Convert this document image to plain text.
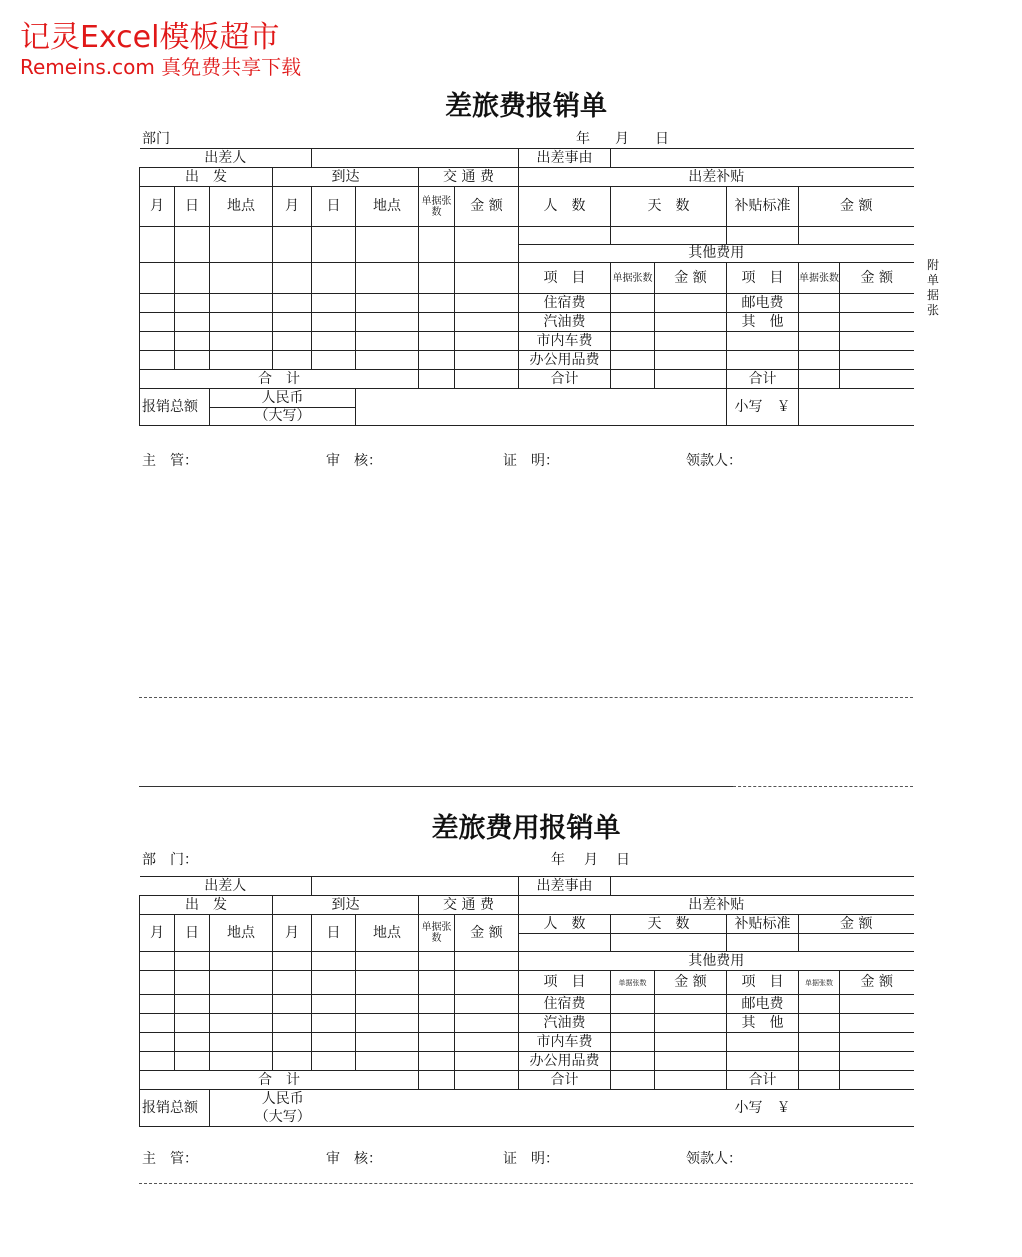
记灵Excel模板超市
Remeins.com 真免费共享下载
差旅费报销单
部门	年 月 日
出差人								出差事由					
出　发			到达			交 通 费		出差补贴					
月	日	地点	月	日	地点	单据张数	金 额	人　数	天　数		补贴标准	金 额	

								其他费用					
								项　目	单据张数	金 额	项　目	单据张数	金 额
								住宿费			邮电费		
								汽油费			其　他		
								市内车费					
								办公用品费					
合　计								合计			合计		
报销总额		人民币									小写　￥		
		（大写）											
附单据张
主　管：	审　核：	证　明：	领款人：
差旅费用报销单
部　门：	年 月 日
出差人								出差事由					
出　发			到达			交 通 费		出差补贴					
月	日	地点	月	日	地点	单据张数	金 额	人　数	天　数		补贴标准	金 额	

								其他费用					
								项　目	单据张数	金 额	项　目	单据张数	金 额
								住宿费			邮电费		
								汽油费			其　他		
								市内车费					
								办公用品费					
合　计								合计			合计		
报销总额		人民币									小写　￥		
		（大写）											
主　管：	审　核：	证　明：	领款人：
